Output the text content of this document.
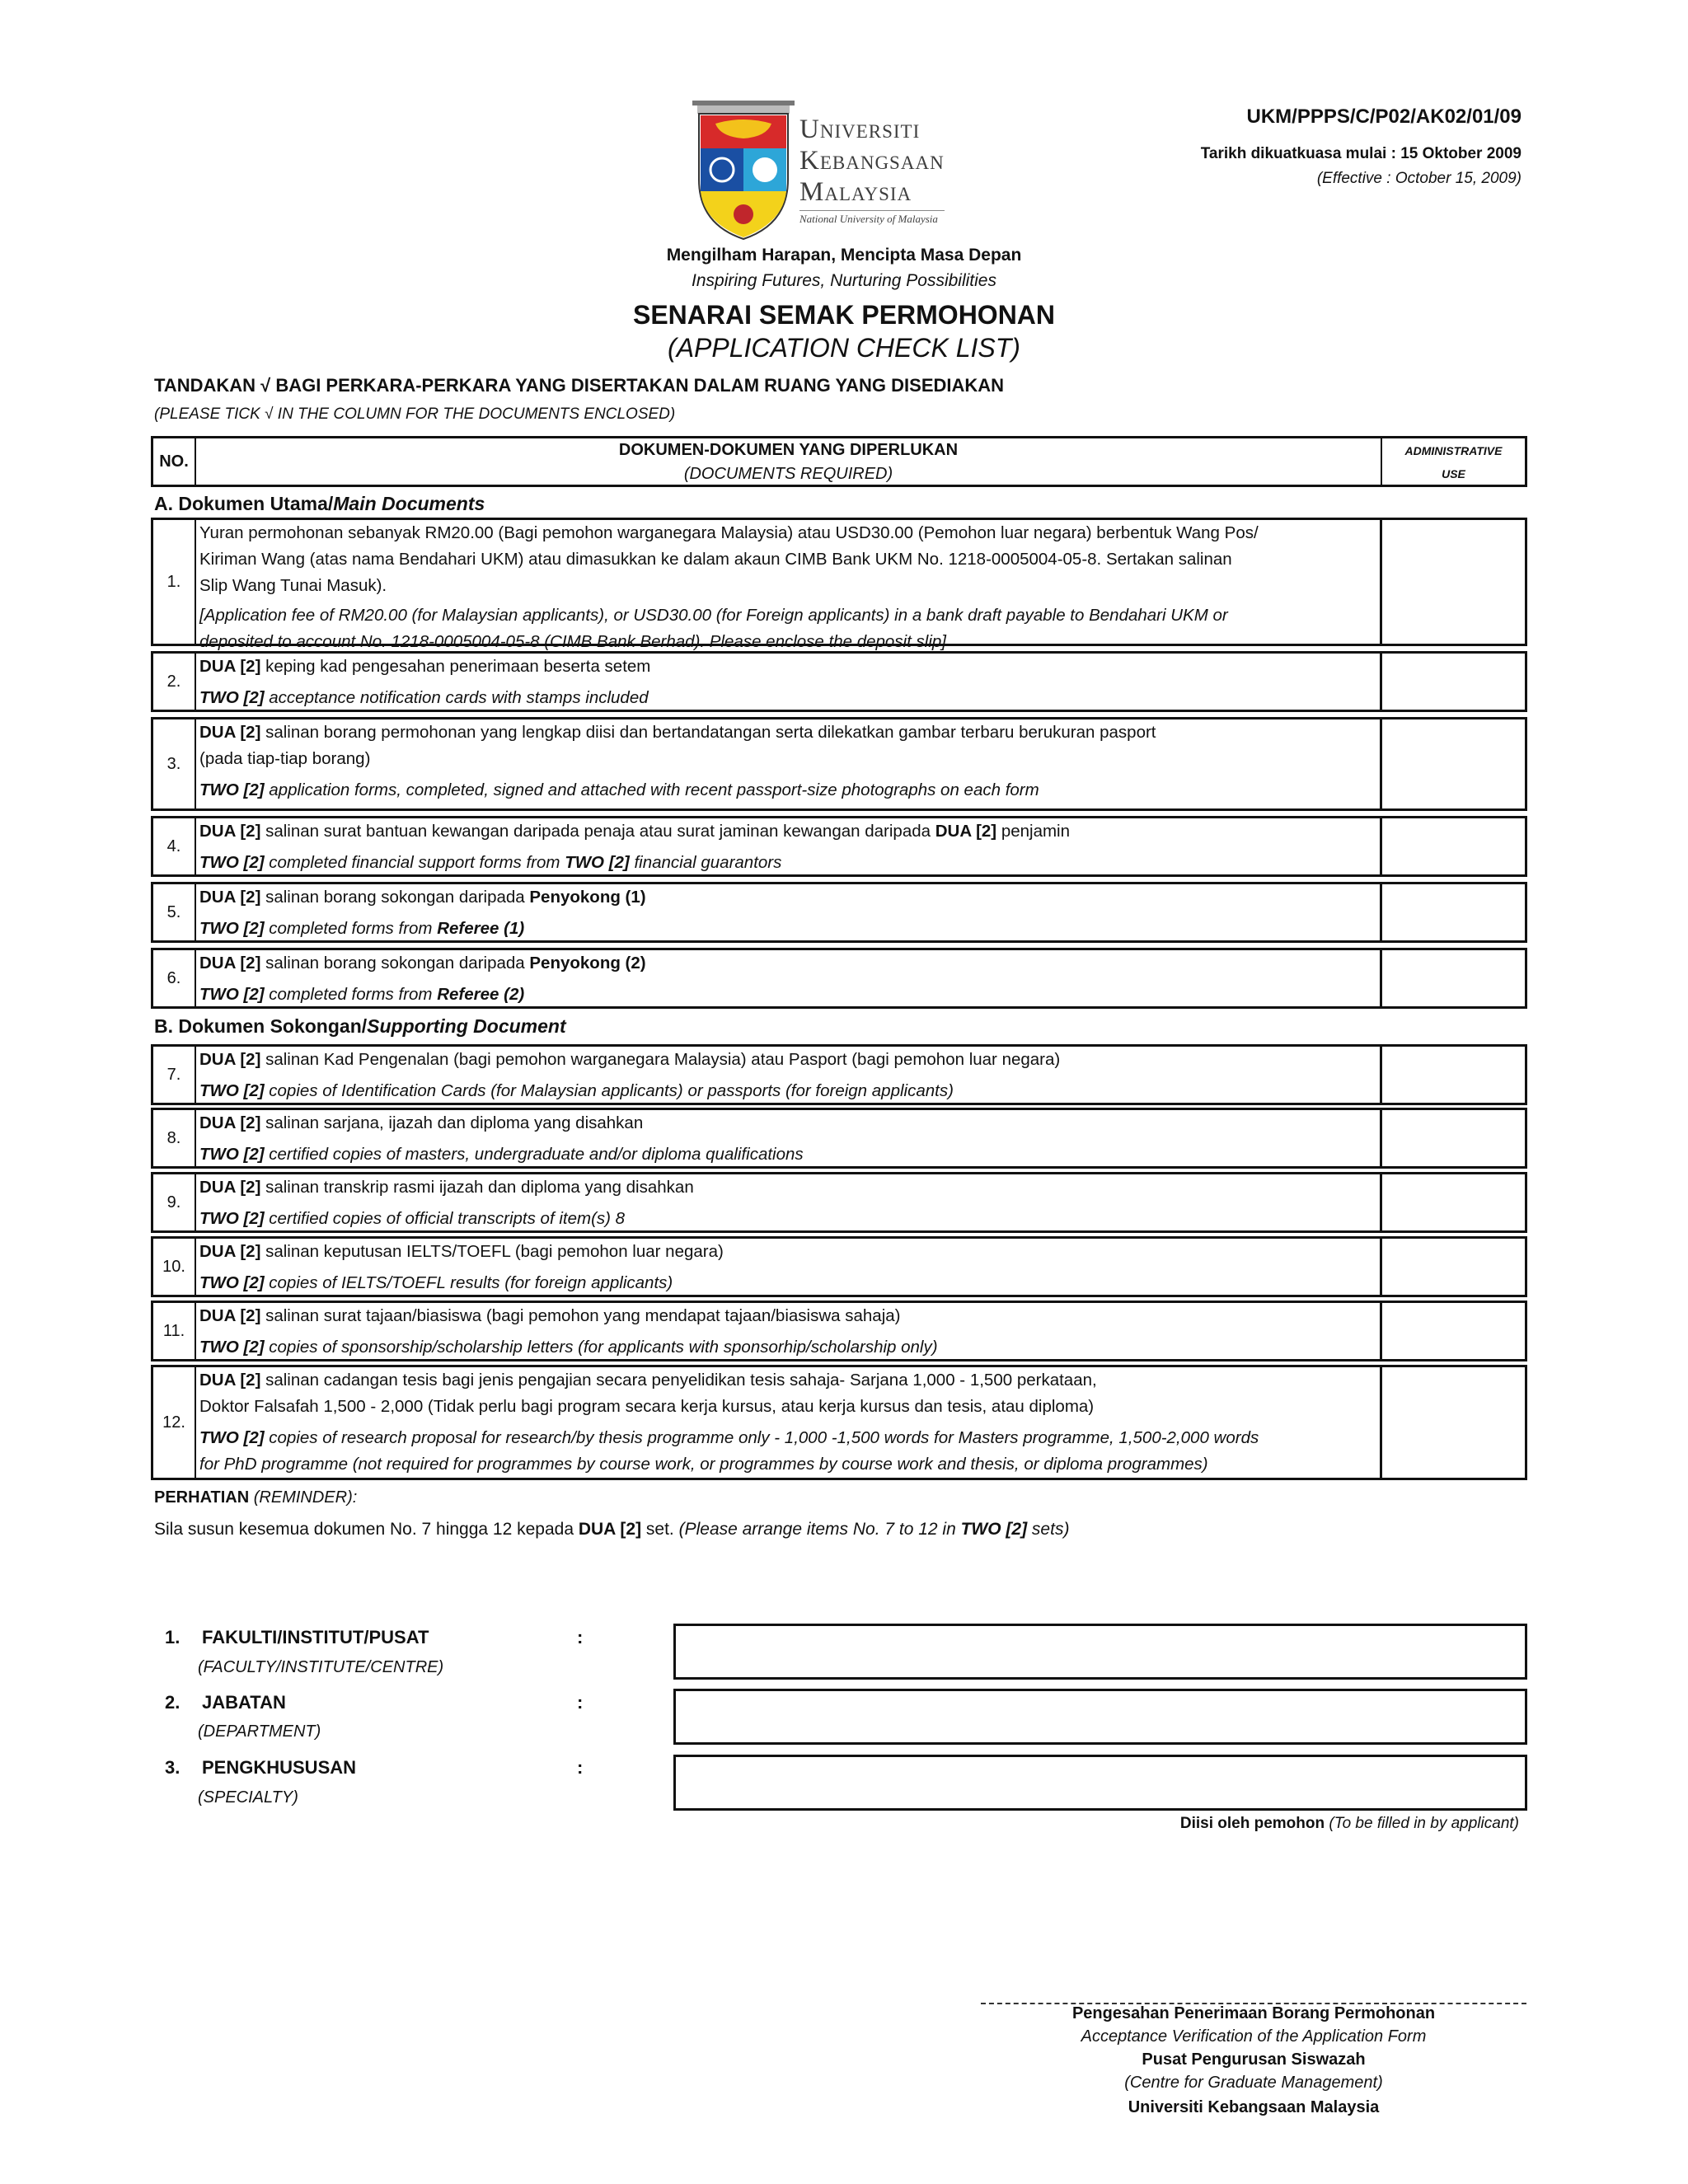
Universiti
Kebangsaan
Malaysia
National University of Malaysia
UKM/PPPS/C/P02/AK02/01/09
Tarikh dikuatkuasa mulai : 15 Oktober 2009
(Effective : October 15, 2009)
Mengilham Harapan, Mencipta Masa Depan
Inspiring Futures, Nurturing Possibilities
SENARAI SEMAK PERMOHONAN
(APPLICATION CHECK LIST)
TANDAKAN √ BAGI PERKARA-PERKARA YANG DISERTAKAN DALAM RUANG YANG DISEDIAKAN
(PLEASE TICK √ IN THE COLUMN FOR THE DOCUMENTS ENCLOSED)
NO.
DOKUMEN-DOKUMEN YANG DIPERLUKAN
(DOCUMENTS REQUIRED)
ADMINISTRATIVE
USE
A. Dokumen Utama/Main Documents
1.
Yuran permohonan sebanyak RM20.00 (Bagi pemohon warganegara Malaysia) atau USD30.00 (Pemohon luar negara) berbentuk Wang Pos/
Kiriman Wang (atas nama Bendahari UKM) atau dimasukkan ke dalam akaun CIMB Bank UKM No. 1218-0005004-05-8. Sertakan salinan
Slip Wang Tunai Masuk).
[Application fee of RM20.00 (for Malaysian applicants), or USD30.00 (for Foreign applicants) in a bank draft payable to Bendahari UKM or
deposited to account No. 1218-0005004-05-8 (CIMB Bank Berhad). Please enclose the deposit slip]
2.
DUA [2] keping kad pengesahan penerimaan beserta setem
TWO [2] acceptance notification cards with stamps included
3.
DUA [2] salinan borang permohonan yang lengkap diisi dan bertandatangan serta dilekatkan gambar terbaru berukuran pasport
(pada tiap-tiap borang)
TWO [2] application forms, completed, signed and attached with recent passport-size photographs on each form
4.
DUA [2] salinan surat bantuan kewangan daripada penaja atau surat jaminan kewangan daripada DUA [2] penjamin
TWO [2] completed financial support forms from TWO [2] financial guarantors
5.
DUA [2] salinan borang sokongan daripada Penyokong (1)
TWO [2] completed forms from Referee (1)
6.
DUA [2] salinan borang sokongan daripada Penyokong (2)
TWO [2] completed forms from Referee (2)
B. Dokumen Sokongan/Supporting Document
7.
DUA [2] salinan Kad Pengenalan (bagi pemohon warganegara Malaysia) atau Pasport (bagi pemohon luar negara)
TWO [2] copies of Identification Cards (for Malaysian applicants) or passports (for foreign applicants)
8.
DUA [2] salinan sarjana, ijazah dan diploma yang disahkan
TWO [2] certified copies of masters, undergraduate and/or diploma qualifications
9.
DUA [2] salinan transkrip rasmi ijazah dan diploma yang disahkan
TWO [2] certified copies of official transcripts of item(s) 8
10.
DUA [2] salinan keputusan IELTS/TOEFL (bagi pemohon luar negara)
TWO [2] copies of IELTS/TOEFL results (for foreign applicants)
11.
DUA [2] salinan surat tajaan/biasiswa (bagi pemohon yang mendapat tajaan/biasiswa sahaja)
TWO [2] copies of sponsorship/scholarship letters (for applicants with sponsorhip/scholarship only)
12.
DUA [2] salinan cadangan tesis bagi jenis pengajian secara penyelidikan tesis sahaja- Sarjana 1,000 - 1,500 perkataan,
Doktor Falsafah 1,500 - 2,000 (Tidak perlu bagi program secara kerja kursus, atau kerja kursus dan tesis, atau diploma)
TWO [2] copies of research proposal for research/by thesis programme only - 1,000 -1,500 words for Masters programme, 1,500-2,000 words
for PhD programme (not required for programmes by course work, or programmes by course work and thesis, or diploma programmes)
PERHATIAN (REMINDER):
Sila susun kesemua dokumen No. 7 hingga 12 kepada DUA [2] set. (Please arrange items No. 7 to 12 in TWO [2] sets)
1. FAKULTI/INSTITUT/PUSAT
(FACULTY/INSTITUTE/CENTRE)
:
2. JABATAN
(DEPARTMENT)
:
3. PENGKHUSUSAN
(SPECIALTY)
:
Diisi oleh pemohon (To be filled in by applicant)
Pengesahan Penerimaan Borang Permohonan
Acceptance Verification of the Application Form
Pusat Pengurusan Siswazah
(Centre for Graduate Management)
Universiti Kebangsaan Malaysia
